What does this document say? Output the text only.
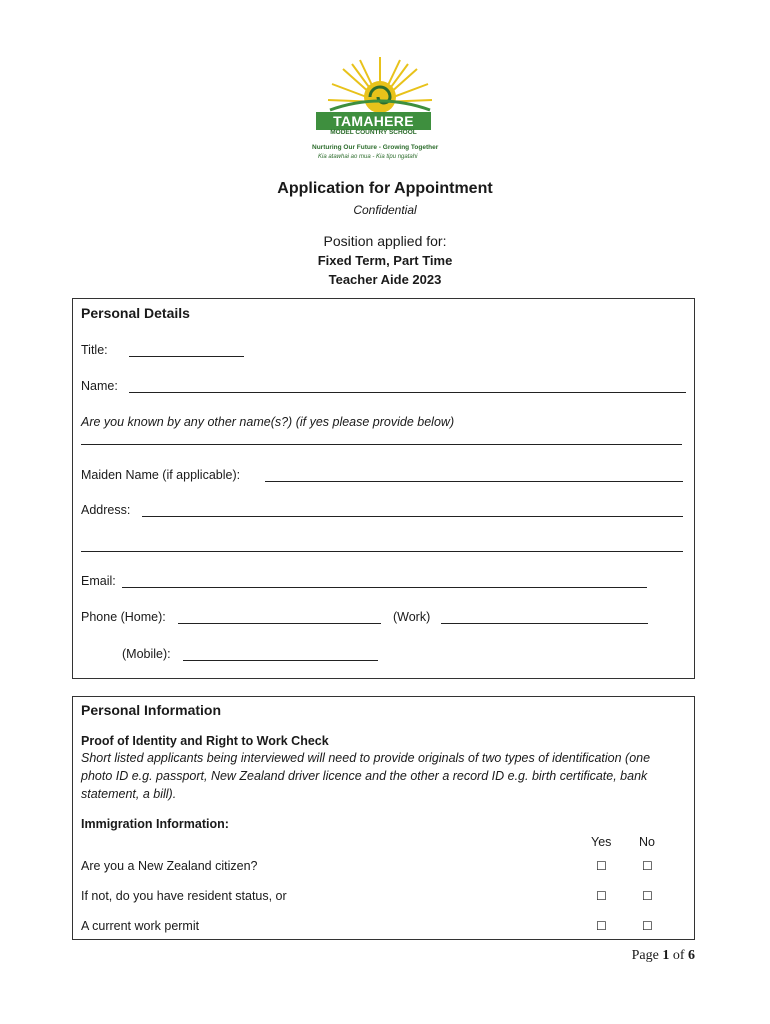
TAMAHERE
MODEL COUNTRY SCHOOL
Nurturing Our Future - Growing Together
Kia atawhai ao mua - Kia tipu ngatahi
Application for Appointment
Confidential
Position applied for:
Fixed Term, Part Time
Teacher Aide 2023
Personal Details
Title:
Name:
Are you known by any other name(s?) (if yes please provide below)
Maiden Name (if applicable):
Address:
Email:
Phone (Home):	(Work)
(Mobile):
Personal Information
Proof of Identity and Right to Work Check
Short listed applicants being interviewed will need to provide originals of two types of identification (one photo ID e.g. passport, New Zealand driver licence and the other a record ID e.g. birth certificate, bank statement, a bill).
Immigration Information:
Yes No
Are you a New Zealand citizen?	☐	☐
If not, do you have resident status, or	☐	☐
A current work permit	☐	☐
Page 1 of 6
